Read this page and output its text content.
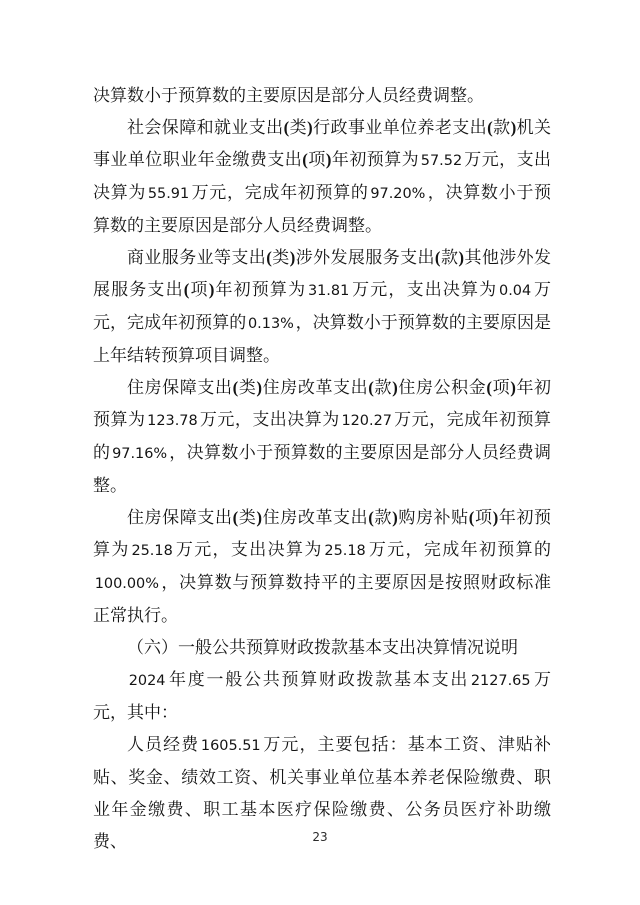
决算数小于预算数的主要原因是部分人员经费调整。

社会保障和就业支出(类)行政事业单位养老支出(款)机关事业单位职业年金缴费支出(项)年初预算为 57.52 万元，支出决算为 55.91 万元，完成年初预算的 97.20% ，决算数小于预算数的主要原因是部分人员经费调整。

商业服务业等支出(类)涉外发展服务支出(款)其他涉外发展服务支出(项)年初预算为 31.81 万元，支出决算为 0.04 万元，完成年初预算的 0.13% ，决算数小于预算数的主要原因是上年结转预算项目调整。

住房保障支出(类)住房改革支出(款)住房公积金(项)年初预算为 123.78 万元，支出决算为 120.27 万元，完成年初预算的 97.16% ，决算数小于预算数的主要原因是部分人员经费调整。

住房保障支出(类)住房改革支出(款)购房补贴(项)年初预算为 25.18 万元，支出决算为 25.18 万元，完成年初预算的100.00% ，决算数与预算数持平的主要原因是按照财政标准正常执行。

（六）一般公共预算财政拨款基本支出决算情况说明

2024 年度一般公共预算财政拨款基本支出 2127.65 万元，其中：

人员经费 1605.51 万元，主要包括：基本工资、津贴补贴、奖金、绩效工资、机关事业单位基本养老保险缴费、职业年金缴费、职工基本医疗保险缴费、公务员医疗补助缴费、	23
